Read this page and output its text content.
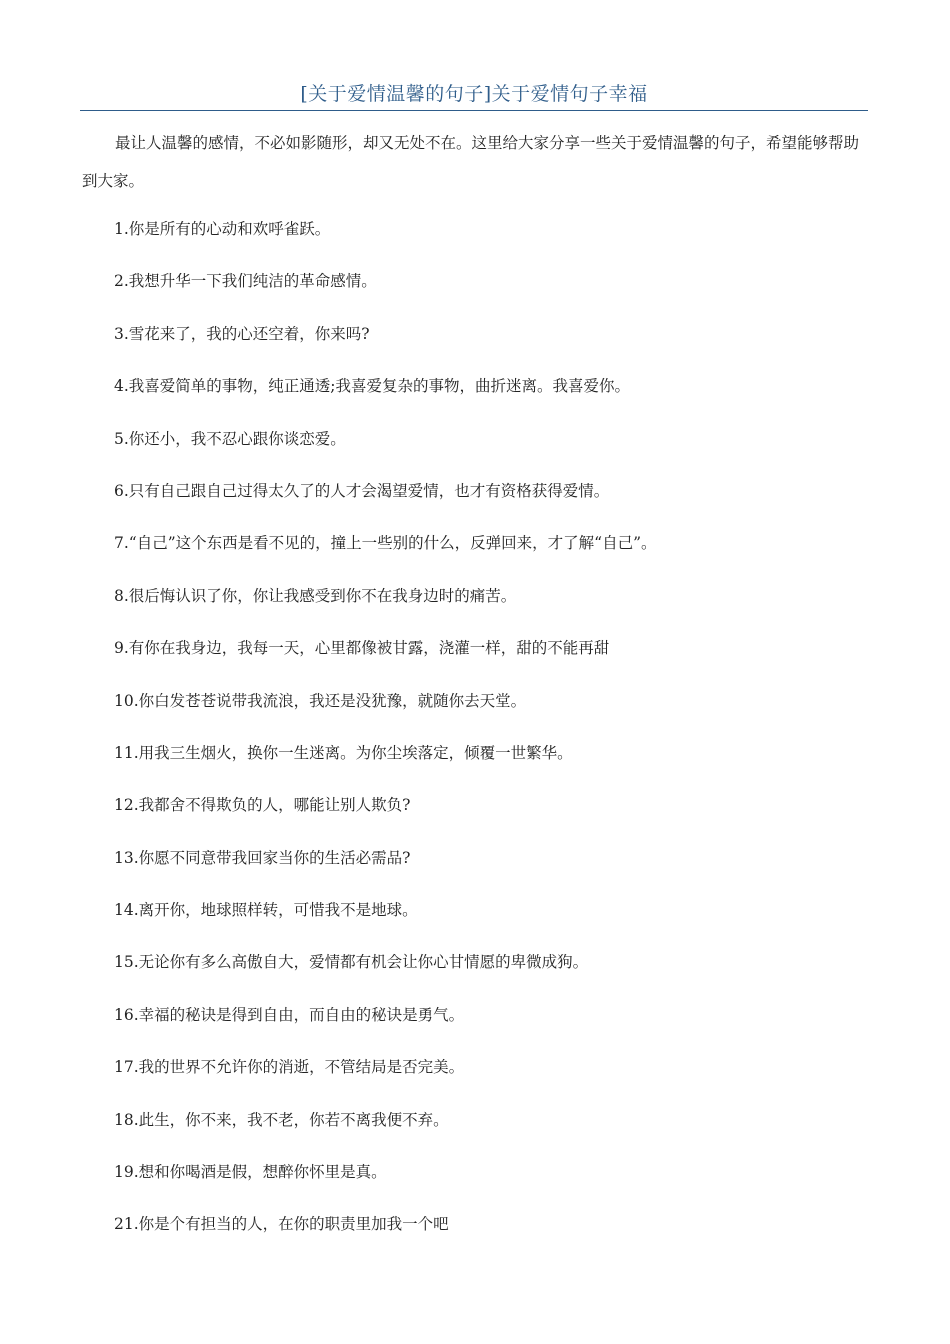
[关于爱情温馨的句子]关于爱情句子幸福

最让人温馨的感情，不必如影随形，却又无处不在。这里给大家分享一些关于爱情温馨的句子，希望能够帮助到大家。

1.你是所有的心动和欢呼雀跃。
2.我想升华一下我们纯洁的革命感情。
3.雪花来了，我的心还空着，你来吗?
4.我喜爱简单的事物，纯正通透;我喜爱复杂的事物，曲折迷离。我喜爱你。
5.你还小，我不忍心跟你谈恋爱。
6.只有自己跟自己过得太久了的人才会渴望爱情，也才有资格获得爱情。
7.“自己”这个东西是看不见的，撞上一些别的什么，反弹回来，才了解“自己”。
8.很后悔认识了你，你让我感受到你不在我身边时的痛苦。
9.有你在我身边，我每一天，心里都像被甘露，浇灌一样，甜的不能再甜
10.你白发苍苍说带我流浪，我还是没犹豫，就随你去天堂。
11.用我三生烟火，换你一生迷离。为你尘埃落定，倾覆一世繁华。
12.我都舍不得欺负的人，哪能让别人欺负?
13.你愿不同意带我回家当你的生活必需品?
14.离开你，地球照样转，可惜我不是地球。
15.无论你有多么高傲自大，爱情都有机会让你心甘情愿的卑微成狗。
16.幸福的秘诀是得到自由，而自由的秘诀是勇气。
17.我的世界不允许你的消逝，不管结局是否完美。
18.此生，你不来，我不老，你若不离我便不弃。
19.想和你喝酒是假，想醉你怀里是真。
21.你是个有担当的人，在你的职责里加我一个吧
